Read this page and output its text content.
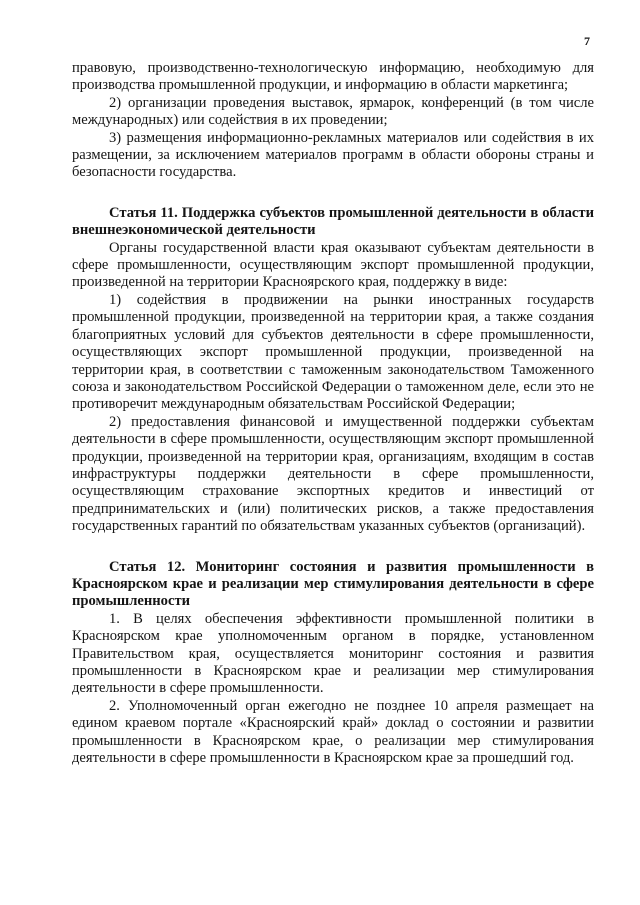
7

правовую, производственно-технологическую информацию, необходимую для производства промышленной продукции, и информацию в области маркетинга;

2) организации проведения выставок, ярмарок, конференций (в том числе международных) или содействия в их проведении;

3) размещения информационно-рекламных материалов или содействия в их размещении, за исключением материалов программ в области обороны страны и безопасности государства.

Статья 11. Поддержка субъектов промышленной деятельности в области внешнеэкономической деятельности

Органы государственной власти края оказывают субъектам деятельности в сфере промышленности, осуществляющим экспорт промышленной продукции, произведенной на территории Красноярского края, поддержку в виде:

1) содействия в продвижении на рынки иностранных государств промышленной продукции, произведенной на территории края, а также создания благоприятных условий для субъектов деятельности в сфере промышленности, осуществляющих экспорт промышленной продукции, произведенной на территории края, в соответствии с таможенным законодательством Таможенного союза и законодательством Российской Федерации о таможенном деле, если это не противоречит международным обязательствам Российской Федерации;

2) предоставления финансовой и имущественной поддержки субъектам деятельности в сфере промышленности, осуществляющим экспорт промышленной продукции, произведенной на территории края, организациям, входящим в состав инфраструктуры поддержки деятельности в сфере промышленности, осуществляющим страхование экспортных кредитов и инвестиций от предпринимательских и (или) политических рисков, а также предоставления государственных гарантий по обязательствам указанных субъектов (организаций).

Статья 12. Мониторинг состояния и развития промышленности в Красноярском крае и реализации мер стимулирования деятельности в сфере промышленности

1. В целях обеспечения эффективности промышленной политики в Красноярском крае уполномоченным органом в порядке, установленном Правительством края, осуществляется мониторинг состояния и развития промышленности в Красноярском крае и реализации мер стимулирования деятельности в сфере промышленности.

2. Уполномоченный орган ежегодно не позднее 10 апреля размещает на едином краевом портале «Красноярский край» доклад о состоянии и развитии промышленности в Красноярском крае, о реализации мер стимулирования деятельности в сфере промышленности в Красноярском крае за прошедший год.
